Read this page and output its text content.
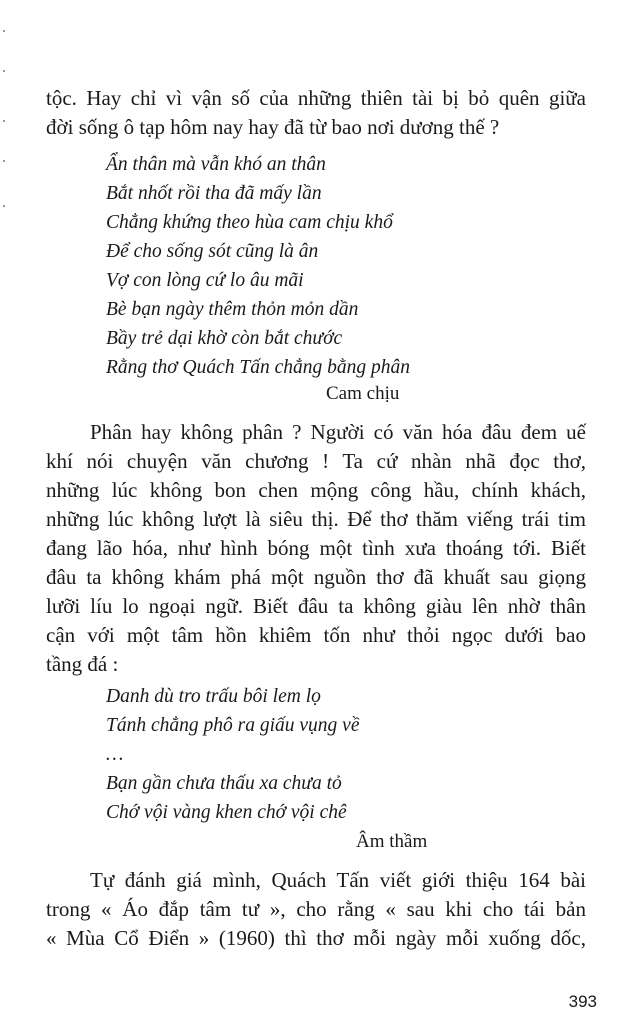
tộc. Hay chỉ vì vận số của những thiên tài bị bỏ quên giữa
đời sống ô tạp hôm nay hay đã từ bao nơi dương thế ?

Ẩn thân mà vẫn khó an thân
Bắt nhốt rồi tha đã mấy lần
Chẳng khứng theo hùa cam chịu khổ
Để cho sống sót cũng là ân
Vợ con lòng cứ lo âu mãi
Bè bạn ngày thêm thỏn mỏn dần
Bầy trẻ dại khờ còn bắt chước
Rằng thơ Quách Tấn chẳng bằng phân
Cam chịu

Phân hay không phân ? Người có văn hóa đâu đem uế
khí nói chuyện văn chương ! Ta cứ nhàn nhã đọc thơ,
những lúc không bon chen mộng công hầu, chính khách,
những lúc không lượt là siêu thị. Để thơ thăm viếng trái tim
đang lão hóa, như hình bóng một tình xưa thoáng tới. Biết
đâu ta không khám phá một nguồn thơ đã khuất sau giọng
lưỡi líu lo ngoại ngữ. Biết đâu ta không giàu lên nhờ thân
cận với một tâm hồn khiêm tốn như thỏi ngọc dưới bao
tầng đá :

Danh dù tro trấu bôi lem lọ
Tánh chẳng phô ra giấu vụng về
…
Bạn gần chưa thấu xa chưa tỏ
Chớ vội vàng khen chớ vội chê
Âm thầm

Tự đánh giá mình, Quách Tấn viết giới thiệu 164 bài
trong « Áo đắp tâm tư », cho rằng « sau khi cho tái bản
« Mùa Cổ Điển » (1960) thì thơ mỗi ngày mỗi xuống dốc,

393
